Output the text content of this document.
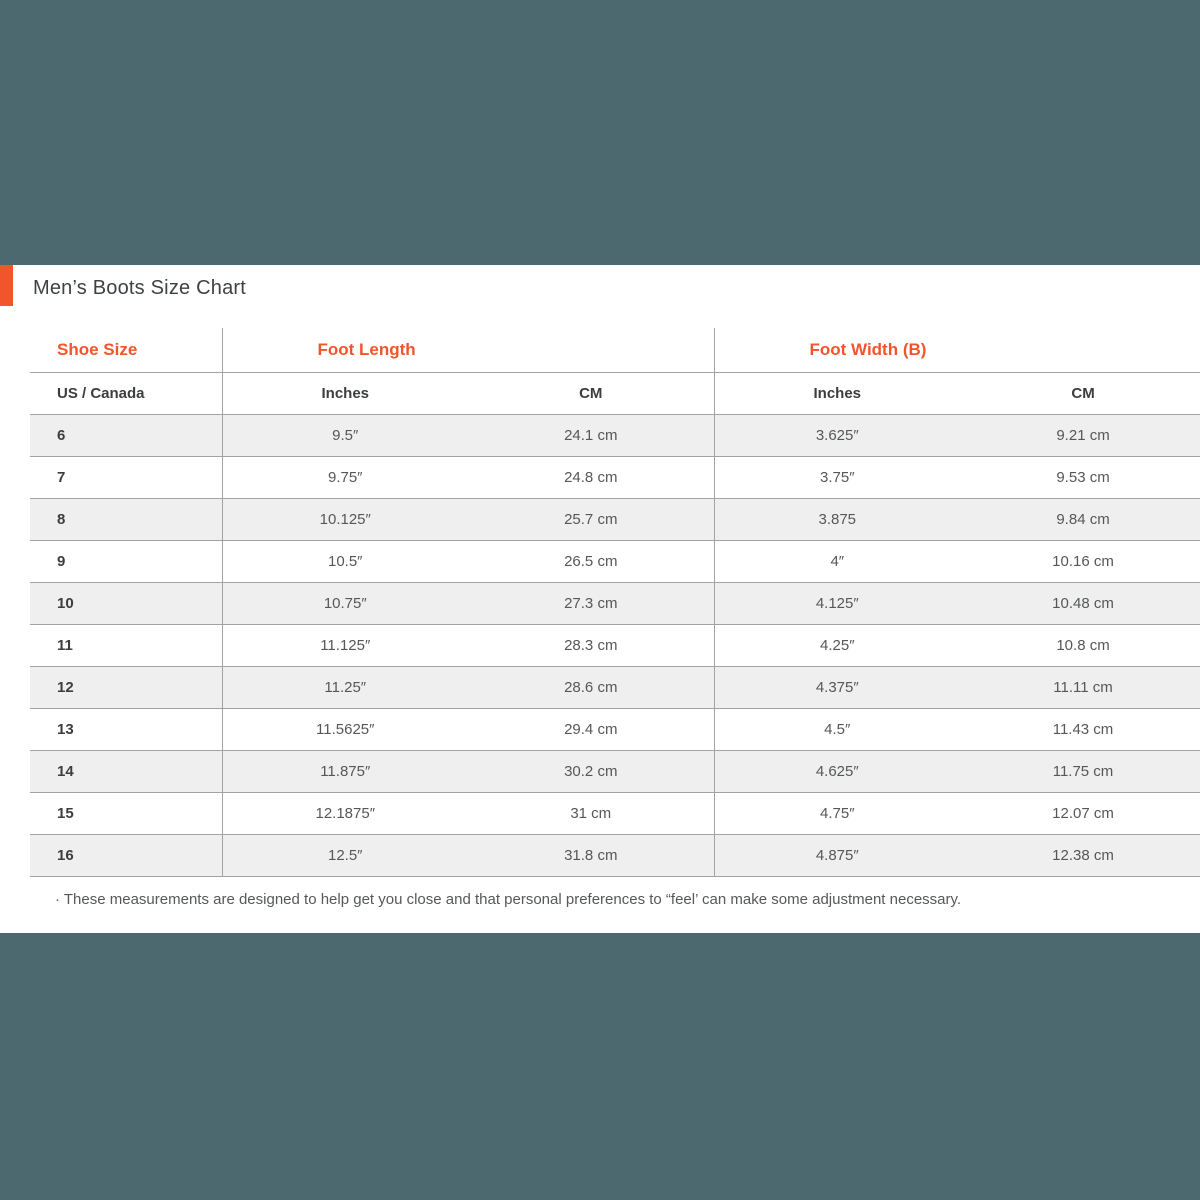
Men’s Boots Size Chart
Shoe Size	Foot Length		Foot Width (B)	
US / Canada	Inches	CM	Inches	CM
6	9.5″	24.1 cm	3.625″	9.21 cm
7	9.75″	24.8 cm	3.75″	9.53 cm
8	10.125″	25.7 cm	3.875	9.84 cm
9	10.5″	26.5 cm	4″	10.16 cm
10	10.75″	27.3 cm	4.125″	10.48 cm
11	11.125″	28.3 cm	4.25″	10.8 cm
12	11.25″	28.6 cm	4.375″	11.11 cm
13	11.5625″	29.4 cm	4.5″	11.43 cm
14	11.875″	30.2 cm	4.625″	11.75 cm
15	12.1875″	31 cm	4.75″	12.07 cm
16	12.5″	31.8 cm	4.875″	12.38 cm
· These measurements are designed to help get you close and that personal preferences to “feel’ can make some adjustment necessary.
